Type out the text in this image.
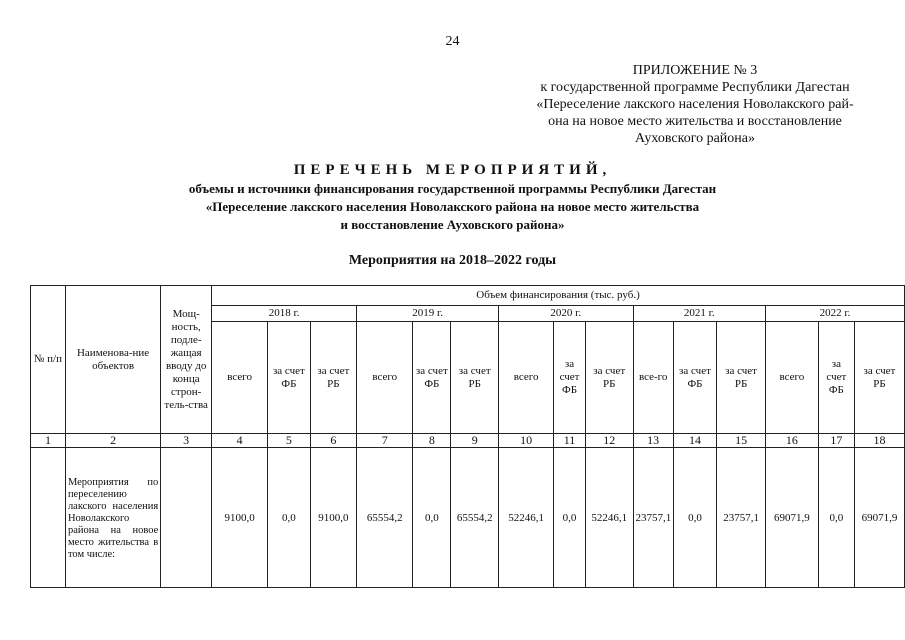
24
ПРИЛОЖЕНИЕ № 3
к государственной программе Республики Дагестан
«Переселение лакского населения Новолакского рай-
она на новое место жительства и восстановление
Ауховского района»
ПЕРЕЧЕНЬ МЕРОПРИЯТИЙ,
объемы и источники финансирования государственной программы Республики Дагестан
«Переселение лакского населения Новолакского района на новое место жительства
и восстановление Ауховского района»
Мероприятия на 2018–2022 годы
№ п/п	Наименова-ние объектов	Мощ-ность, подле-жащая вводу до конца строн-тель-ства	Объем финансирования (тыс. руб.)														
			2018 г.			2019 г.			2020 г.			2021 г.			2022 г.		
			всего	за счет ФБ	за счет РБ	всего	за счет ФБ	за счет РБ	всего	за счет ФБ	за счет РБ	все-го	за счет ФБ	за счет РБ	всего	за счет ФБ	за счет РБ
1	2	3	4	5	6	7	8	9	10	11	12	13	14	15	16	17	18
	Мероприятия по переселению лакского населения Новолакского района на новое место жительства в том числе:		9100,0	0,0	9100,0	65554,2	0,0	65554,2	52246,1	0,0	52246,1	23757,1	0,0	23757,1	69071,9	0,0	69071,9
